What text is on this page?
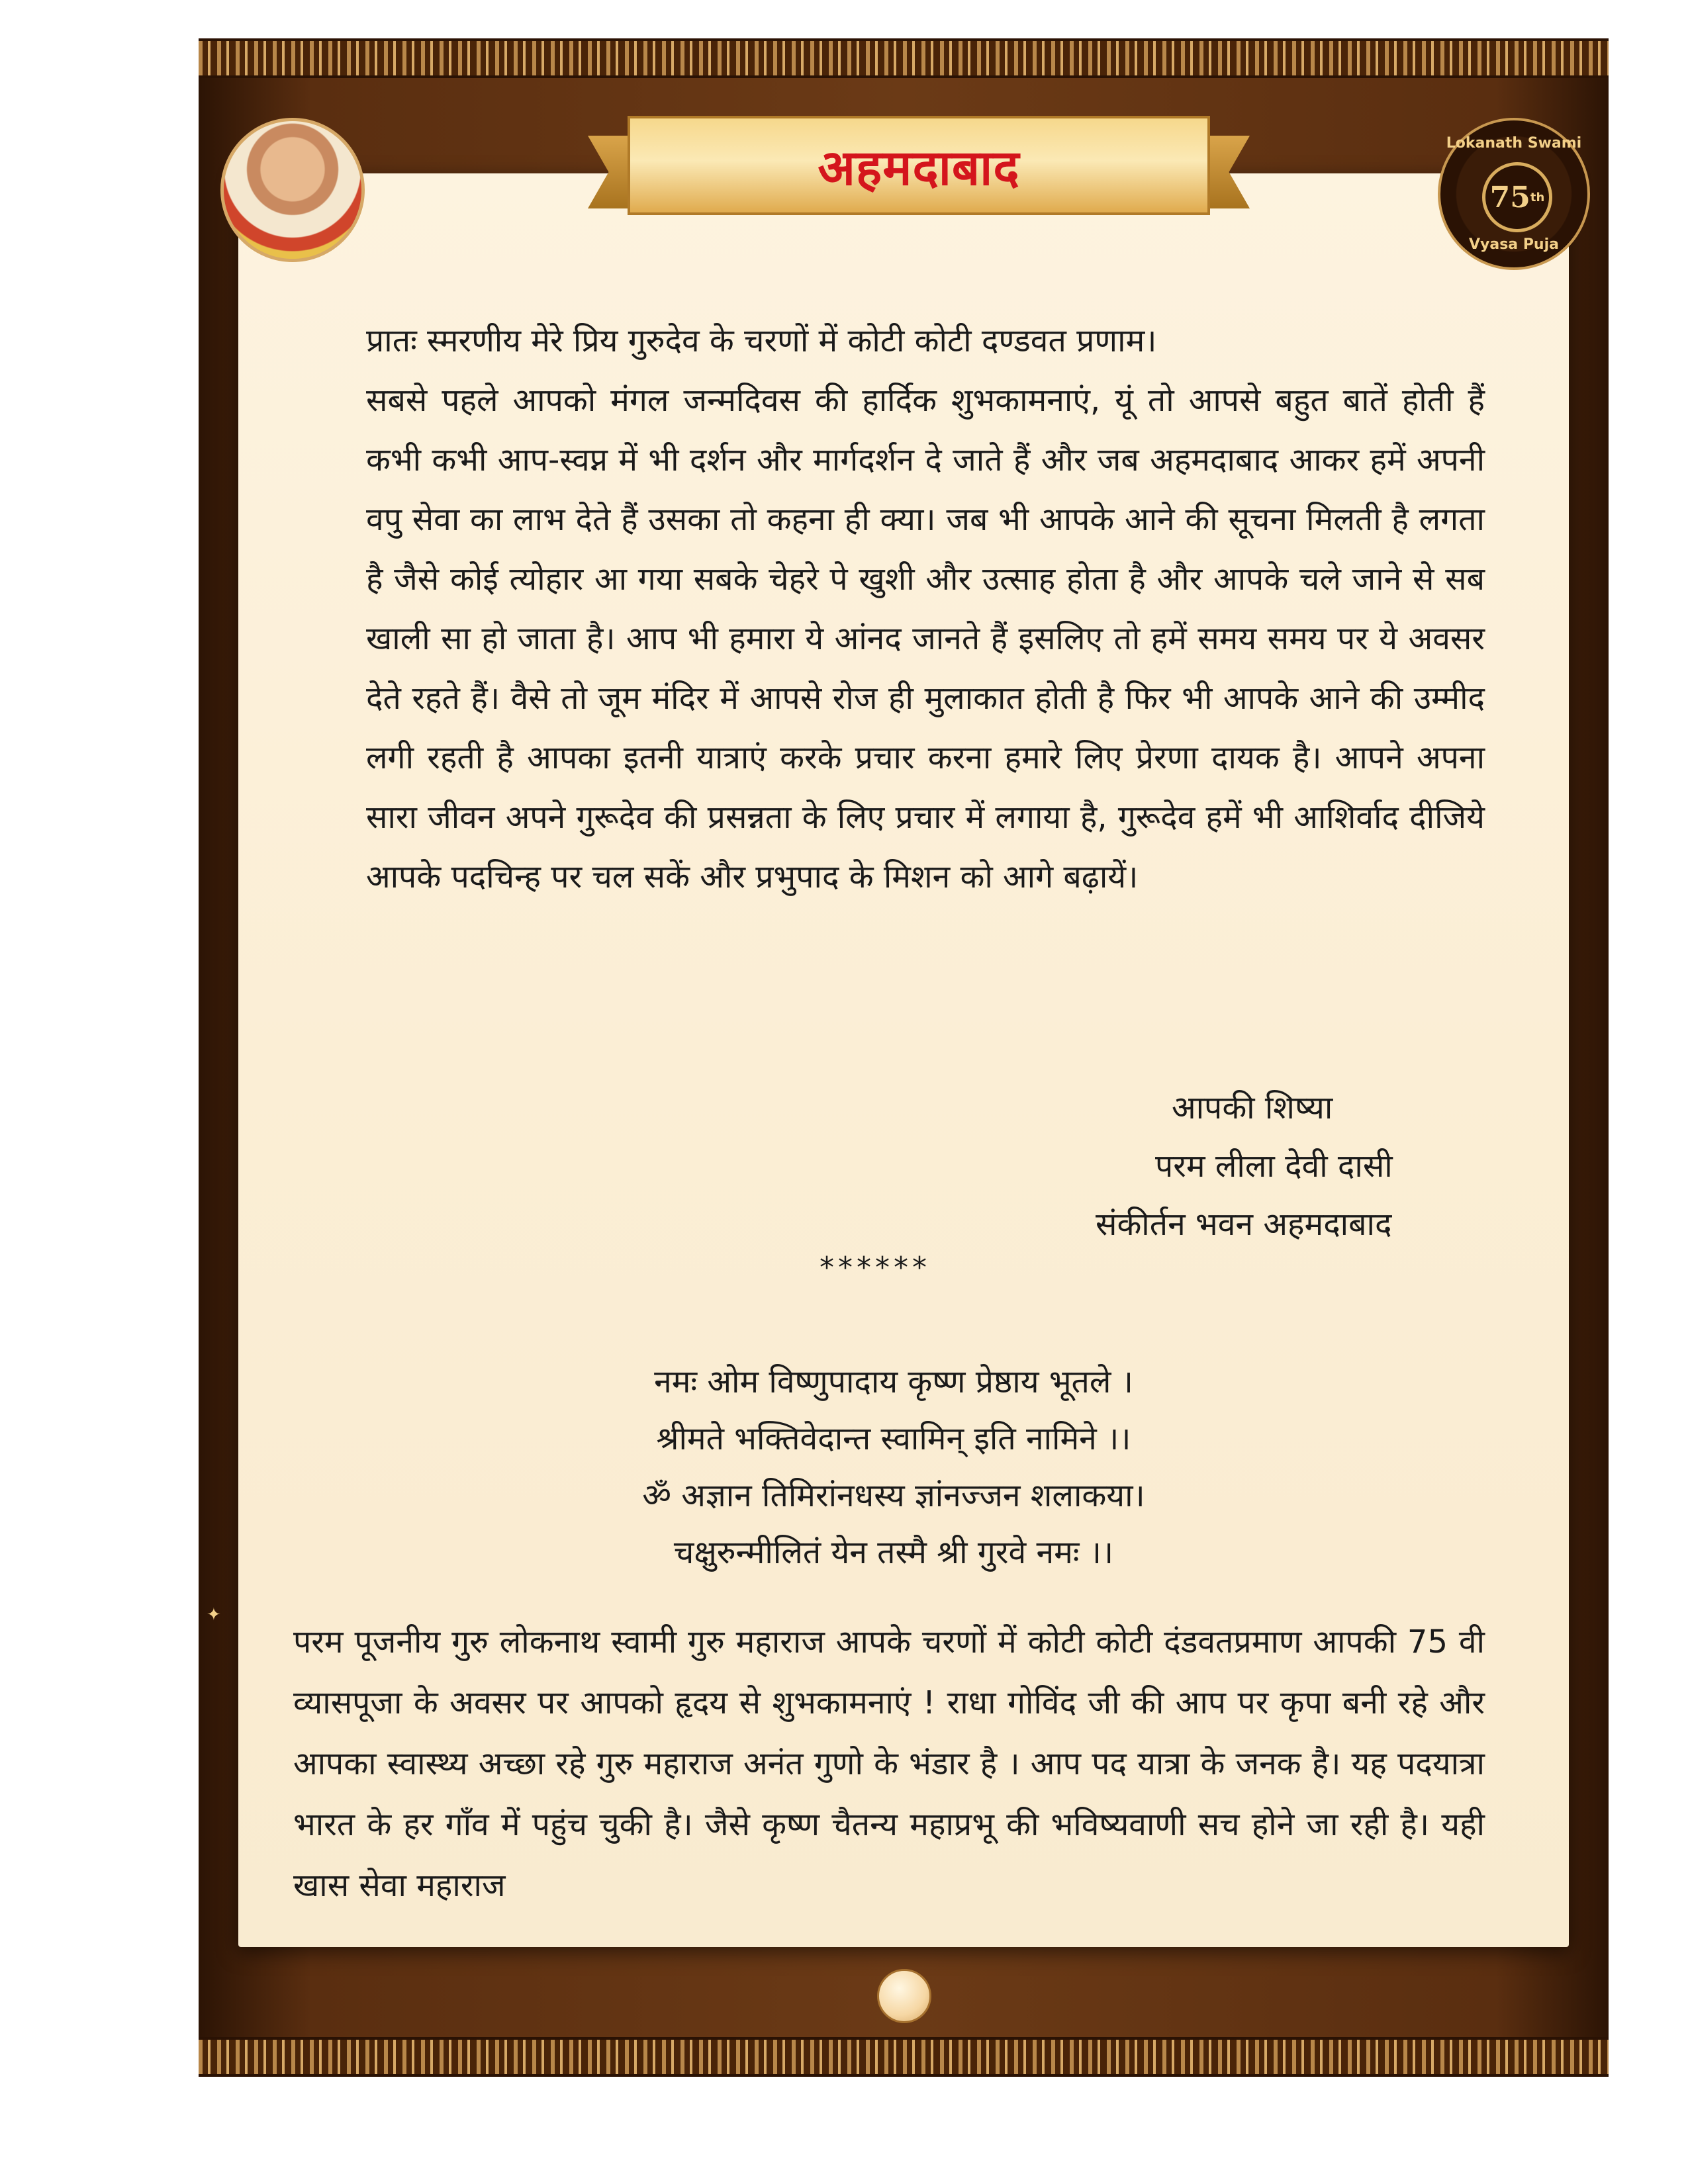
अहमदाबाद	Lokanath Swami
75 th
Vyasa Puja

प्रातः स्मरणीय मेरे प्रिय गुरुदेव के चरणों में कोटी कोटी दण्डवत प्रणाम।

सबसे पहले आपको मंगल जन्मदिवस की हार्दिक शुभकामनाएं, यूं तो आपसे बहुत बातें होती हैं कभी कभी आप-स्वप्न में भी दर्शन और मार्गदर्शन दे जाते हैं और जब अहमदाबाद आकर हमें अपनी वपु सेवा का लाभ देते हैं उसका तो कहना ही क्या। जब भी आपके आने की सूचना मिलती है लगता है जैसे कोई त्योहार आ गया सबके चेहरे पे खुशी और उत्साह होता है और आपके चले जाने से सब खाली सा हो जाता है। आप भी हमारा ये आंनद जानते हैं इसलिए तो हमें समय समय पर ये अवसर देते रहते हैं। वैसे तो जूम मंदिर में आपसे रोज ही मुलाकात होती है फिर भी आपके आने की उम्मीद लगी रहती है आपका इतनी यात्राएं करके प्रचार करना हमारे लिए प्रेरणा दायक है। आपने अपना सारा जीवन अपने गुरूदेव की प्रसन्नता के लिए प्रचार में लगाया है, गुरूदेव हमें भी आशिर्वाद दीजिये आपके पदचिन्ह पर चल सकें और प्रभुपाद के मिशन को आगे बढ़ायें।

आपकी शिष्या
परम लीला देवी दासी
संकीर्तन भवन अहमदाबाद
******
नमः ओम विष्णुपादाय कृष्ण प्रेष्ठाय भूतले ।
श्रीमते भक्तिवेदान्त स्वामिन् इति नामिने ।।
ॐ अज्ञान तिमिरांनधस्य ज्ञांनज्जन शलाकया।
चक्षुरुन्मीलितं येन तस्मै श्री गुरवे नमः ।।
✦

परम पूजनीय गुरु लोकनाथ स्वामी गुरु महाराज आपके चरणों में कोटी कोटी दंडवतप्रमाण आपकी 75 वी व्यासपूजा के अवसर पर आपको हृदय से शुभकामनाएं ! राधा गोविंद जी की आप पर कृपा बनी रहे और आपका स्वास्थ्य अच्छा रहे गुरु महाराज अनंत गुणो के भंडार है । आप पद यात्रा के जनक है। यह पदयात्रा भारत के हर गाँव में पहुंच चुकी है। जैसे कृष्ण चैतन्य महाप्रभू की भविष्यवाणी सच होने जा रही है। यही खास सेवा महाराज
